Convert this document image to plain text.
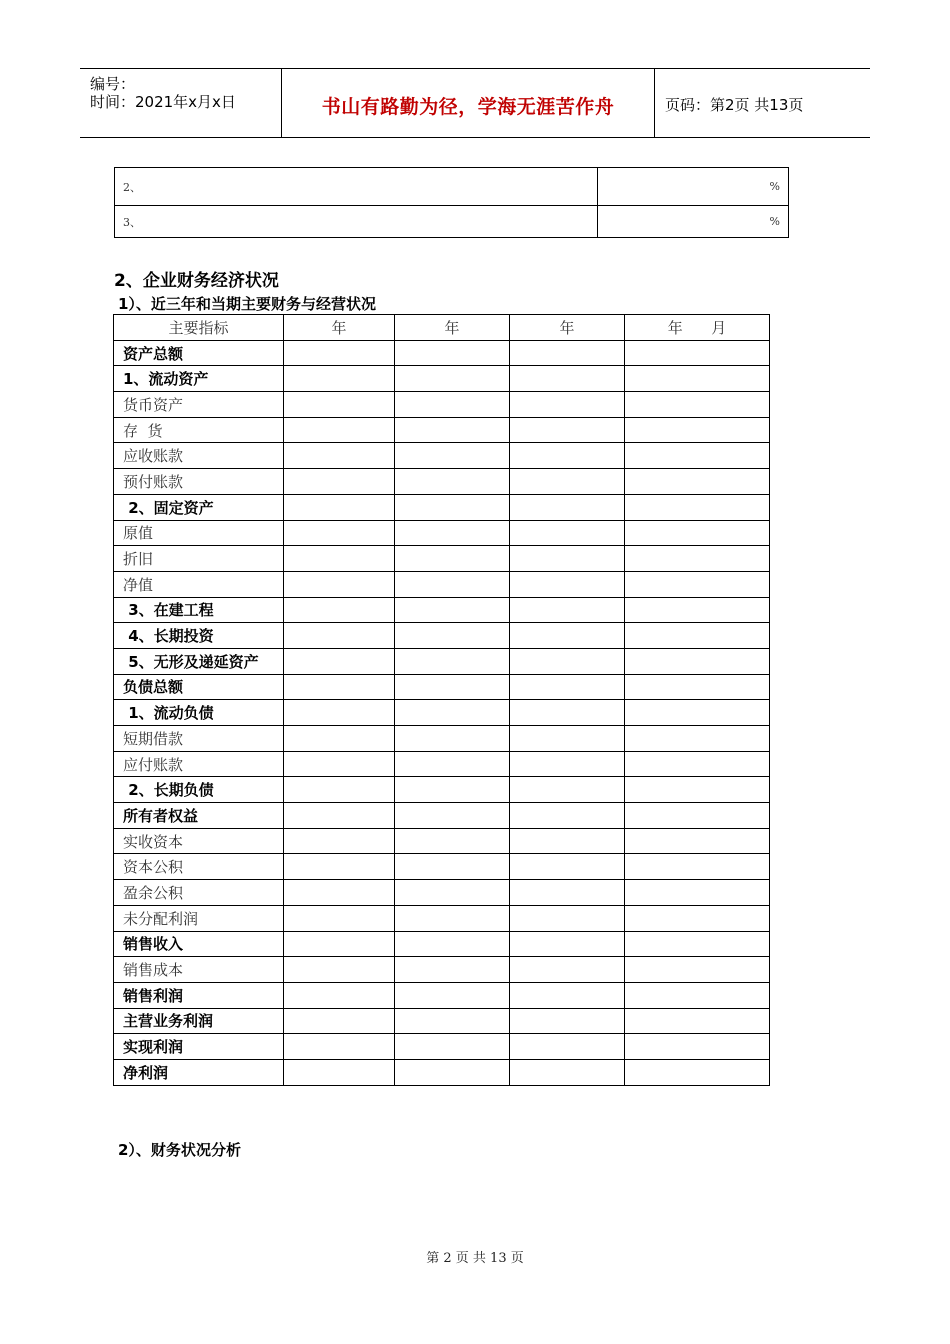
编号：
时间：2021年x月x日	书山有路勤为径，学海无涯苦作舟	页码：第2页 共13页
2、	%
3、	%
2、企业财务经济状况
1）、近三年和当期主要财务与经营状况
主要指标	年	年	年	年      月
资产总额				
1、流动资产				
货币资产				
存  货				
应收账款				
预付账款				
2、固定资产				
原值				
折旧				
净值				
3、在建工程				
4、长期投资				
5、无形及递延资产				
负债总额				
1、流动负债				
短期借款				
应付账款				
2、长期负债				
所有者权益				
实收资本				
资本公积				
盈余公积				
未分配利润				
销售收入				
销售成本				
销售利润				
主营业务利润				
实现利润				
净利润				
2）、财务状况分析
第 2 页 共 13 页
